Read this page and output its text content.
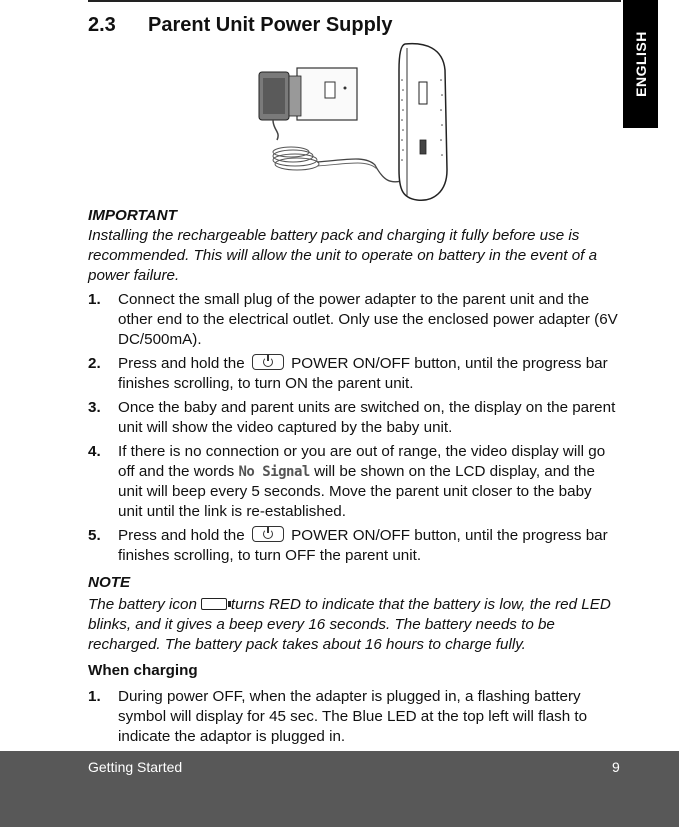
ENGLISH
2.3 Parent Unit Power Supply

IMPORTANT

Installing the rechargeable battery pack and charging it fully before use is recommended. This will allow the unit to operate on battery in the event of a power failure.

1.	Connect the small plug of the power adapter to the parent unit and the other end to the electrical outlet. Only use the enclosed power adapter (6V DC/500mA).
2.	Press and hold the	POWER ON/OFF button, until the progress bar finishes scrolling, to turn ON the parent unit.
3.	Once the baby and parent units are switched on, the display on the parent unit will show the video captured by the baby unit.
4.	If there is no connection or you are out of range, the video display will go off and the words No Signal will be shown on the LCD display, and the unit will beep every 5 seconds. Move the parent unit closer to the baby unit until the link is re-established.
5.	Press and hold the	POWER ON/OFF button, until the progress bar finishes scrolling, to turn OFF the parent unit.

NOTE

The battery icon turns RED to indicate that the battery is low, the red LED blinks, and it gives a beep every 16 seconds. The battery needs to be recharged. The battery pack takes about 16 hours to charge fully.

When charging

1.	During power OFF, when the adapter is plugged in, a flashing battery symbol will display for 45 sec. The Blue LED at the top left will flash to indicate the adaptor is plugged in.
Getting Started	9
